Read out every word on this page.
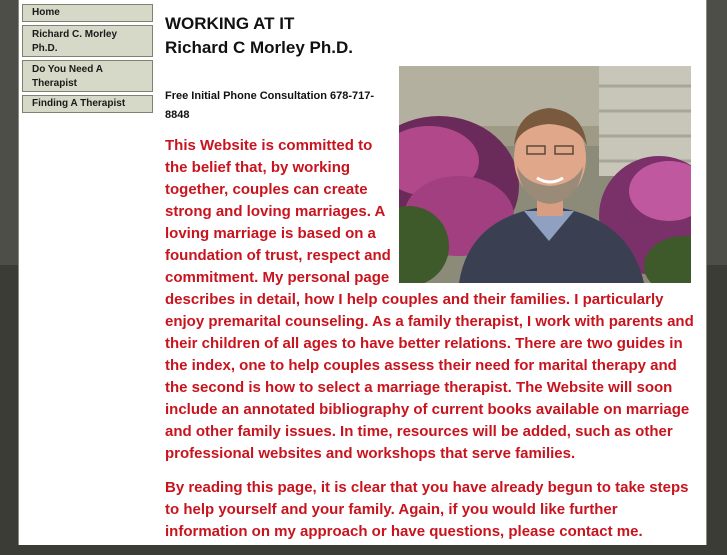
Home
Richard C. Morley Ph.D.
Do You Need A Therapist
Finding A Therapist
WORKING AT IT
Richard C Morley Ph.D.

Free Initial Phone Consultation 678-717-8848

This Website is committed to the belief that, by working together, couples can create strong and loving marriages. A loving marriage is based on a foundation of trust, respect and commitment. My personal page describes in detail, how I help couples and their families. I particularly enjoy premarital counseling. As a family therapist, I work with parents and their children of all ages to have better relations. There are two guides in the index, one to help couples assess their need for marital therapy and the second is how to select a marriage therapist. The Website will soon include an annotated bibliography of current books available on marriage and other family issues. In time, resources will be added, such as other professional websites and workshops that serve families.

By reading this page, it is clear that you have already begun to take steps to help yourself and your family. Again, if you would like further information on my approach or have questions, please contact me.
